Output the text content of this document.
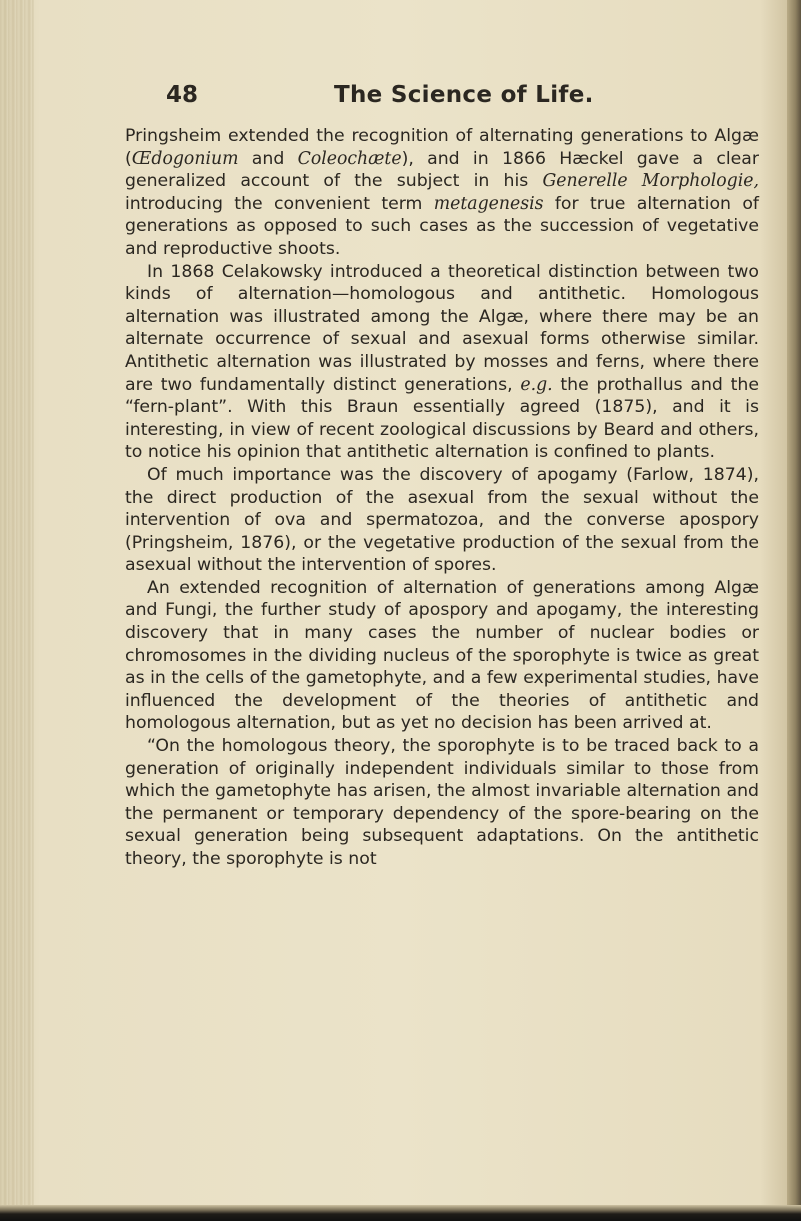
48	The Science of Life.

Pringsheim extended the recognition of alternating generations to Algæ (Œdogonium and Coleochæte), and in 1866 Hæckel gave a clear generalized account of the subject in his Generelle Morphologie, introducing the convenient term metagenesis for true alternation of generations as opposed to such cases as the succession of vegetative and reproductive shoots.

In 1868 Celakowsky introduced a theoretical distinction between two kinds of alternation—homologous and antithetic. Homologous alternation was illustrated among the Algæ, where there may be an alternate occurrence of sexual and asexual forms otherwise similar. Antithetic alternation was illustrated by mosses and ferns, where there are two fundamentally distinct generations, e.g. the prothallus and the “fern-plant”. With this Braun essentially agreed (1875), and it is interesting, in view of recent zoological discussions by Beard and others, to notice his opinion that antithetic alternation is confined to plants.

Of much importance was the discovery of apogamy (Farlow, 1874), the direct production of the asexual from the sexual without the intervention of ova and spermatozoa, and the converse apospory (Pringsheim, 1876), or the vegetative production of the sexual from the asexual without the intervention of spores.

An extended recognition of alternation of generations among Algæ and Fungi, the further study of apospory and apogamy, the interesting discovery that in many cases the number of nuclear bodies or chromosomes in the dividing nucleus of the sporophyte is twice as great as in the cells of the gametophyte, and a few experimental studies, have influenced the development of the theories of antithetic and homologous alternation, but as yet no decision has been arrived at.

“On the homologous theory, the sporophyte is to be traced back to a generation of originally independent individuals similar to those from which the gametophyte has arisen, the almost invariable alternation and the permanent or temporary dependency of the spore-bearing on the sexual generation being subsequent adaptations. On the antithetic theory, the sporophyte is not
